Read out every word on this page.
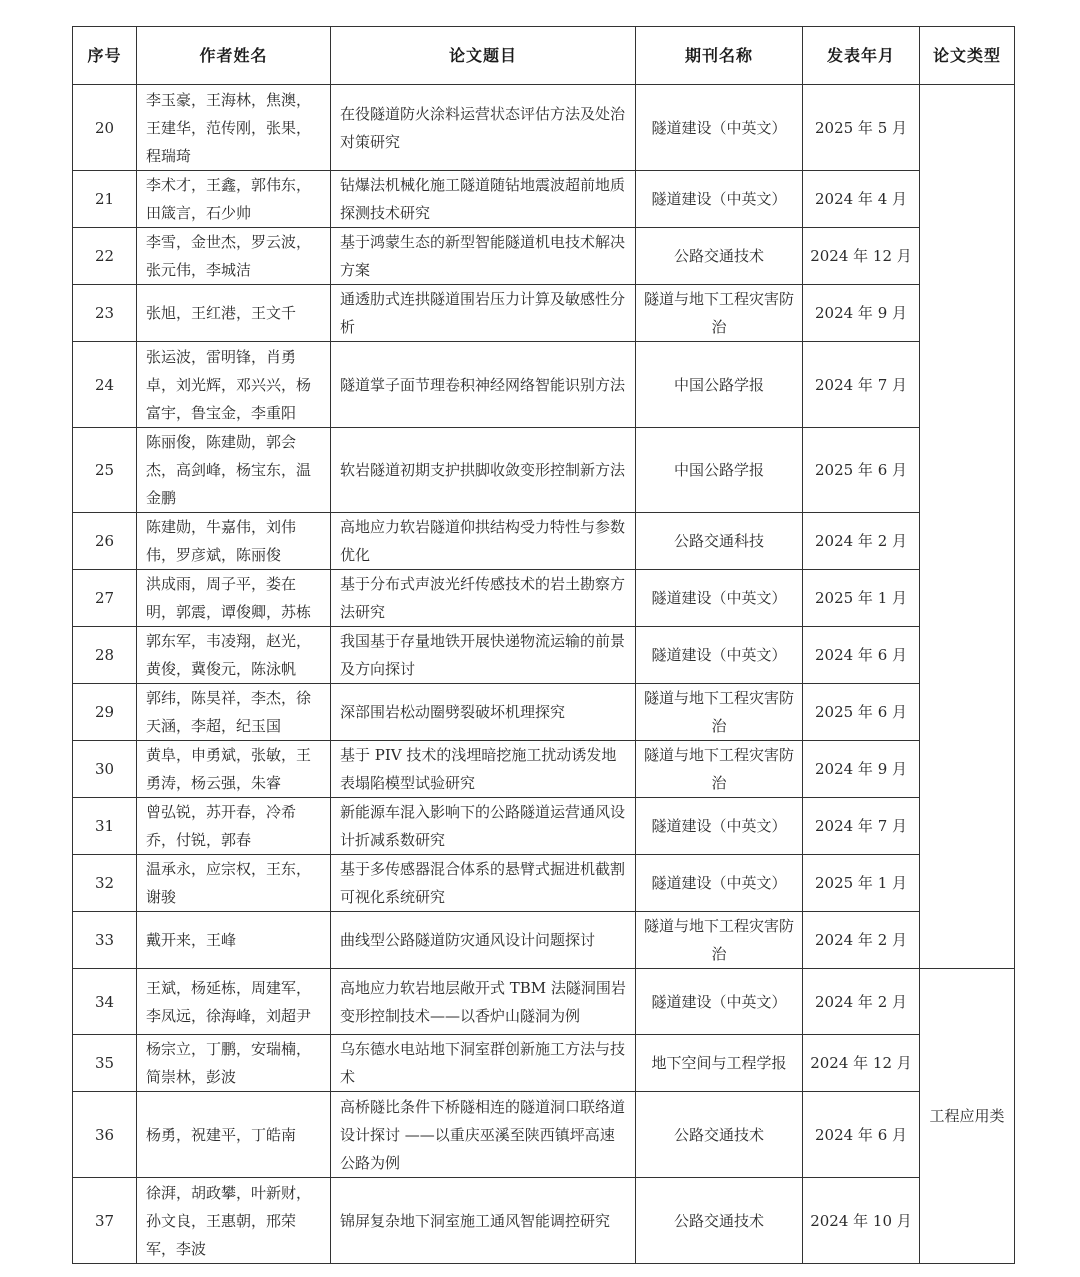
序号	作者姓名	论文题目	期刊名称	发表年月	论文类型
20	李玉豪，王海林，焦澳，王建华，范传刚，张果，程瑞琦	在役隧道防火涂料运营状态评估方法及处治对策研究	隧道建设（中英文）	2025 年 5 月	
21	李术才，王鑫，郭伟东，田箴言，石少帅	钻爆法机械化施工隧道随钻地震波超前地质探测技术研究	隧道建设（中英文）	2024 年 4 月	
22	李雪，金世杰，罗云波，张元伟，李城洁	基于鸿蒙生态的新型智能隧道机电技术解决方案	公路交通技术	2024 年 12 月	
23	张旭，王红港，王文千	通透肋式连拱隧道围岩压力计算及敏感性分析	隧道与地下工程灾害防治	2024 年 9 月	
24	张运波，雷明锋，肖勇卓，刘光辉，邓兴兴，杨富宇，鲁宝金，李重阳	隧道掌子面节理卷积神经网络智能识别方法	中国公路学报	2024 年 7 月	
25	陈丽俊，陈建勋，郭会杰，高剑峰，杨宝东，温金鹏	软岩隧道初期支护拱脚收敛变形控制新方法	中国公路学报	2025 年 6 月	
26	陈建勋，牛嘉伟，刘伟伟，罗彦斌，陈丽俊	高地应力软岩隧道仰拱结构受力特性与参数优化	公路交通科技	2024 年 2 月	
27	洪成雨，周子平，娄在明，郭震，谭俊卿，苏栋	基于分布式声波光纤传感技术的岩土勘察方法研究	隧道建设（中英文）	2025 年 1 月	
28	郭东军，韦凌翔，赵光，黄俊，冀俊元，陈泳帆	我国基于存量地铁开展快递物流运输的前景及方向探讨	隧道建设（中英文）	2024 年 6 月	
29	郭纬，陈昊祥，李杰，徐天涵，李超，纪玉国	深部围岩松动圈劈裂破坏机理探究	隧道与地下工程灾害防治	2025 年 6 月	
30	黄阜，申勇斌，张敏，王勇涛，杨云强，朱睿	基于 PIV 技术的浅埋暗挖施工扰动诱发地表塌陷模型试验研究	隧道与地下工程灾害防治	2024 年 9 月	
31	曾弘锐，苏开春，冷希乔，付锐，郭春	新能源车混入影响下的公路隧道运营通风设计折减系数研究	隧道建设（中英文）	2024 年 7 月	
32	温承永，应宗权，王东，谢骏	基于多传感器混合体系的悬臂式掘进机截割可视化系统研究	隧道建设（中英文）	2025 年 1 月	
33	戴开来，王峰	曲线型公路隧道防灾通风设计问题探讨	隧道与地下工程灾害防治	2024 年 2 月	
34	王斌，杨延栋，周建军，李凤远，徐海峰，刘超尹	高地应力软岩地层敞开式 TBM 法隧洞围岩变形控制技术——以香炉山隧洞为例	隧道建设（中英文）	2024 年 2 月	工程应用类
35	杨宗立，丁鹏，安瑞楠，简崇林，彭波	乌东德水电站地下洞室群创新施工方法与技术	地下空间与工程学报	2024 年 12 月	
36	杨勇，祝建平，丁皓南	高桥隧比条件下桥隧相连的隧道洞口联络道设计探讨 ——以重庆巫溪至陕西镇坪高速公路为例	公路交通技术	2024 年 6 月	
37	徐湃，胡政攀，叶新财，孙文良，王惠朝，邢荣军，李波	锦屏复杂地下洞室施工通风智能调控研究	公路交通技术	2024 年 10 月	
